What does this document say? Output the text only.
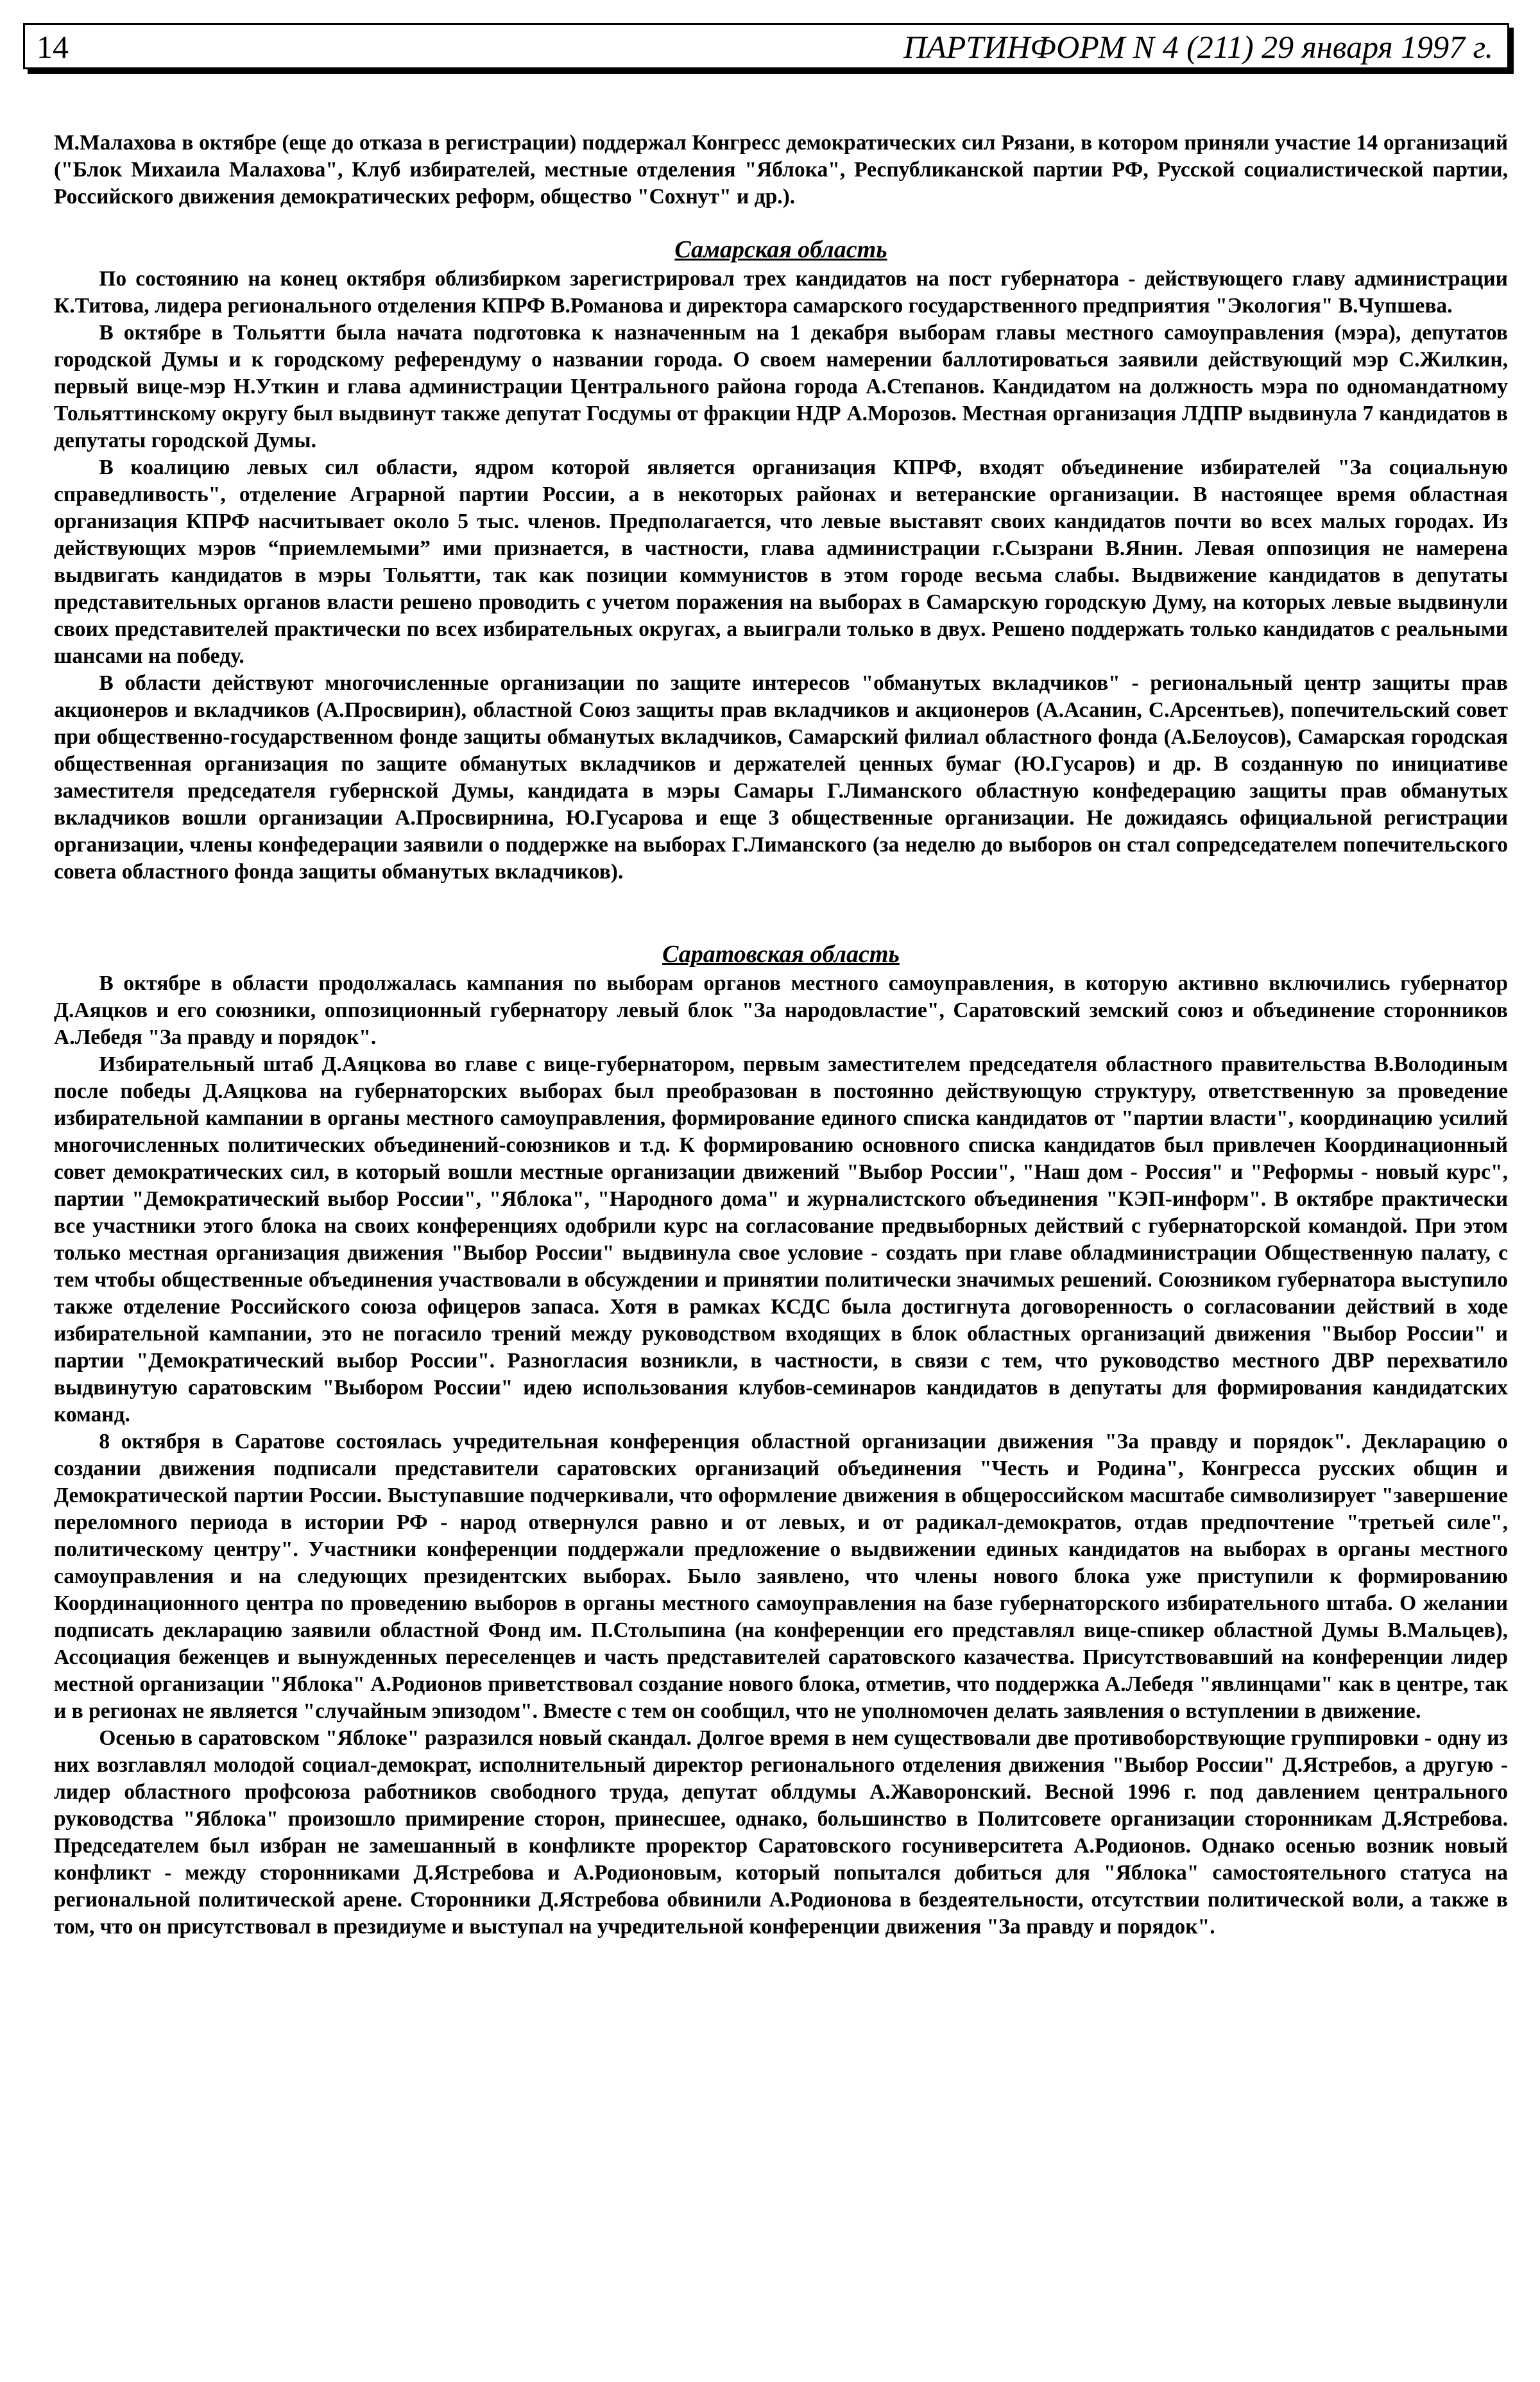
14	ПАРТИНФОРМ N 4 (211) 29 января 1997 г.

М.Малахова в октябре (еще до отказа в регистрации) поддержал Конгресс демократических сил Рязани, в котором приняли участие 14 организаций ("Блок Михаила Малахова", Клуб избирателей, местные отделения "Яблока", Республиканской партии РФ, Русской социалистической партии, Российского движения демократических реформ, общество "Сохнут" и др.).

Самарская область

По состоянию на конец октября облизбирком зарегистрировал трех кандидатов на пост губернатора - действующего главу администрации К.Титова, лидера регионального отделения КПРФ В.Романова и директора самарского государственного предприятия "Экология" В.Чупшева.

В октябре в Тольятти была начата подготовка к назначенным на 1 декабря выборам главы местного самоуправления (мэра), депутатов городской Думы и к городскому референдуму о названии города. О своем намерении баллотироваться заявили действующий мэр С.Жилкин, первый вице-мэр Н.Уткин и глава администрации Центрального района города А.Степанов. Кандидатом на должность мэра по одномандатному Тольяттинскому округу был выдвинут также депутат Госдумы от фракции НДР А.Морозов. Местная организация ЛДПР выдвинула 7 кандидатов в депутаты городской Думы.

В коалицию левых сил области, ядром которой является организация КПРФ, входят объединение избирателей "За социальную справедливость", отделение Аграрной партии России, а в некоторых районах и ветеранские организации. В настоящее время областная организация КПРФ насчитывает около 5 тыс. членов. Предполагается, что левые выставят своих кандидатов почти во всех малых городах. Из действующих мэров “приемлемыми” ими признается, в частности, глава администрации г.Сызрани В.Янин. Левая оппозиция не намерена выдвигать кандидатов в мэры Тольятти, так как позиции коммунистов в этом городе весьма слабы. Выдвижение кандидатов в депутаты представительных органов власти решено проводить с учетом поражения на выборах в Самарскую городскую Думу, на которых левые выдвинули своих представителей практически по всех избирательных округах, а выиграли только в двух. Решено поддержать только кандидатов с реальными шансами на победу.

В области действуют многочисленные организации по защите интересов "обманутых вкладчиков" - региональный центр защиты прав акционеров и вкладчиков (А.Просвирин), областной Союз защиты прав вкладчиков и акционеров (А.Асанин, С.Арсентьев), попечительский совет при общественно-государственном фонде защиты обманутых вкладчиков, Самарский филиал областного фонда (А.Белоусов), Самарская городская общественная организация по защите обманутых вкладчиков и держателей ценных бумаг (Ю.Гусаров) и др. В созданную по инициативе заместителя председателя губернской Думы, кандидата в мэры Самары Г.Лиманского областную конфедерацию защиты прав обманутых вкладчиков вошли организации А.Просвирнина, Ю.Гусарова и еще 3 общественные организации. Не дожидаясь официальной регистрации организации, члены конфедерации заявили о поддержке на выборах Г.Лиманского (за неделю до выборов он стал сопредседателем попечительского совета областного фонда защиты обманутых вкладчиков).

Саратовская область

В октябре в области продолжалась кампания по выборам органов местного самоуправления, в которую активно включились губернатор Д.Аяцков и его союзники, оппозиционный губернатору левый блок "За народовластие", Саратовский земский союз и объединение сторонников А.Лебедя "За правду и порядок".

Избирательный штаб Д.Аяцкова во главе с вице-губернатором, первым заместителем председателя областного правительства В.Володиным после победы Д.Аяцкова на губернаторских выборах был преобразован в постоянно действующую структуру, ответственную за проведение избирательной кампании в органы местного самоуправления, формирование единого списка кандидатов от "партии власти", координацию усилий многочисленных политических объединений-союзников и т.д. К формированию основного списка кандидатов был привлечен Координационный совет демократических сил, в который вошли местные организации движений "Выбор России", "Наш дом - Россия" и "Реформы - новый курс", партии "Демократический выбор России", "Яблока", "Народного дома" и журналистского объединения "КЭП-информ". В октябре практически все участники этого блока на своих конференциях одобрили курс на согласование предвыборных действий с губернаторской командой. При этом только местная организация движения "Выбор России" выдвинула свое условие - создать при главе обладминистрации Общественную палату, с тем чтобы общественные объединения участвовали в обсуждении и принятии политически значимых решений. Союзником губернатора выступило также отделение Российского союза офицеров запаса. Хотя в рамках КСДС была достигнута договоренность о согласовании действий в ходе избирательной кампании, это не погасило трений между руководством входящих в блок областных организаций движения "Выбор России" и партии "Демократический выбор России". Разногласия возникли, в частности, в связи с тем, что руководство местного ДВР перехватило выдвинутую саратовским "Выбором России" идею использования клубов-семинаров кандидатов в депутаты для формирования кандидатских команд.

8 октября в Саратове состоялась учредительная конференция областной организации движения "За правду и порядок". Декларацию о создании движения подписали представители саратовских организаций объединения "Честь и Родина", Конгресса русских общин и Демократической партии России. Выступавшие подчеркивали, что оформление движения в общероссийском масштабе символизирует "завершение переломного периода в истории РФ - народ отвернулся равно и от левых, и от радикал-демократов, отдав предпочтение "третьей силе", политическому центру". Участники конференции поддержали предложение о выдвижении единых кандидатов на выборах в органы местного самоуправления и на следующих президентских выборах. Было заявлено, что члены нового блока уже приступили к формированию Координационного центра по проведению выборов в органы местного самоуправления на базе губернаторского избирательного штаба. О желании подписать декларацию заявили областной Фонд им. П.Столыпина (на конференции его представлял вице-спикер областной Думы В.Мальцев), Ассоциация беженцев и вынужденных переселенцев и часть представителей саратовского казачества. Присутствовавший на конференции лидер местной организации "Яблока" А.Родионов приветствовал создание нового блока, отметив, что поддержка А.Лебедя "явлинцами" как в центре, так и в регионах не является "случайным эпизодом". Вместе с тем он сообщил, что не уполномочен делать заявления о вступлении в движение.

Осенью в саратовском "Яблоке" разразился новый скандал. Долгое время в нем существовали две противоборствующие группировки - одну из них возглавлял молодой социал-демократ, исполнительный директор регионального отделения движения "Выбор России" Д.Ястребов, а другую - лидер областного профсоюза работников свободного труда, депутат облдумы А.Жаворонский. Весной 1996 г. под давлением центрального руководства "Яблока" произошло примирение сторон, принесшее, однако, большинство в Политсовете организации сторонникам Д.Ястребова. Председателем был избран не замешанный в конфликте проректор Саратовского госуниверситета А.Родионов. Однако осенью возник новый конфликт - между сторонниками Д.Ястребова и А.Родионовым, который попытался добиться для "Яблока" самостоятельного статуса на региональной политической арене. Сторонники Д.Ястребова обвинили А.Родионова в бездеятельности, отсутствии политической воли, а также в том, что он присутствовал в президиуме и выступал на учредительной конференции движения "За правду и порядок".
